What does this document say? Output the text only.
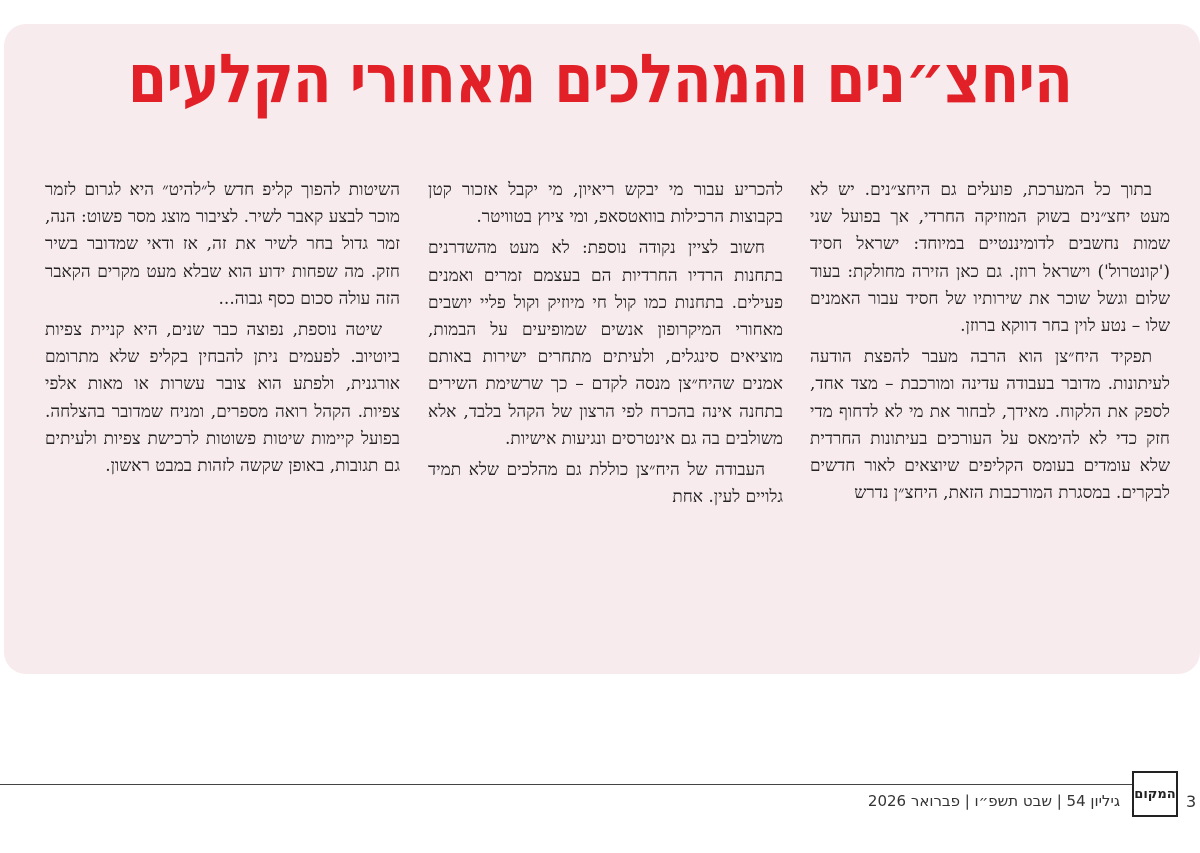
היחצ״נים והמהלכים מאחורי הקלעים

בתוך כל המערכת, פועלים גם היחצ״נים. יש לא מעט יחצ״נים בשוק המוזיקה החרדי, אך בפועל שני שמות נחשבים לדומיננטיים במיוחד: ישראל חסיד ('קונטרול') וישראל רוזן. גם כאן הזירה מחולקת: בעוד שלום וגשל שוכר את שירותיו של חסיד עבור האמנים שלו – נטע לוין בחר דווקא ברוזן.

תפקיד היח״צן הוא הרבה מעבר להפצת הודעה לעיתונות. מדובר בעבודה עדינה ומורכבת – מצד אחד, לספק את הלקוח. מאידך, לבחור את מי לא לדחוף מדי חזק כדי לא להימאס על העורכים בעיתונות החרדית שלא עומדים בעומס הקליפים שיוצאים לאור חדשים לבקרים. במסגרת המורכבות הזאת, היחצ״ן נדרש

להכריע עבור מי יבקש ריאיון, מי יקבל אזכור קטן בקבוצות הרכילות בוואטסאפ, ומי ציוץ בטוויטר.

חשוב לציין נקודה נוספת: לא מעט מהשדרנים בתחנות הרדיו החרדיות הם בעצמם זמרים ואמנים פעילים. בתחנות כמו קול חי מיוזיק וקול פליי יושבים מאחורי המיקרופון אנשים שמופיעים על הבמות, מוציאים סינגלים, ולעיתים מתחרים ישירות באותם אמנים שהיח״צן מנסה לקדם – כך שרשימת השירים בתחנה אינה בהכרח לפי הרצון של הקהל בלבד, אלא משולבים בה גם אינטרסים ונגיעות אישיות.

העבודה של היח״צן כוללת גם מהלכים שלא תמיד גלויים לעין. אחת

השיטות להפוך קליפ חדש ל״להיט״ היא לגרום לזמר מוכר לבצע קאבר לשיר. לציבור מוצג מסר פשוט: הנה, זמר גדול בחר לשיר את זה, אז ודאי שמדובר בשיר חזק. מה שפחות ידוע הוא שבלא מעט מקרים הקאבר הזה עולה סכום כסף גבוה...

שיטה נוספת, נפוצה כבר שנים, היא קניית צפיות ביוטיוב. לפעמים ניתן להבחין בקליפ שלא מתרומם אורגנית, ולפתע הוא צובר עשרות או מאות אלפי צפיות. הקהל רואה מספרים, ומניח שמדובר בהצלחה. בפועל קיימות שיטות פשוטות לרכישת צפיות ולעיתים גם תגובות, באופן שקשה לזהות במבט ראשון.

גיליון 54 | שבט תשפ״ו | פברואר 2026 המקום 3
